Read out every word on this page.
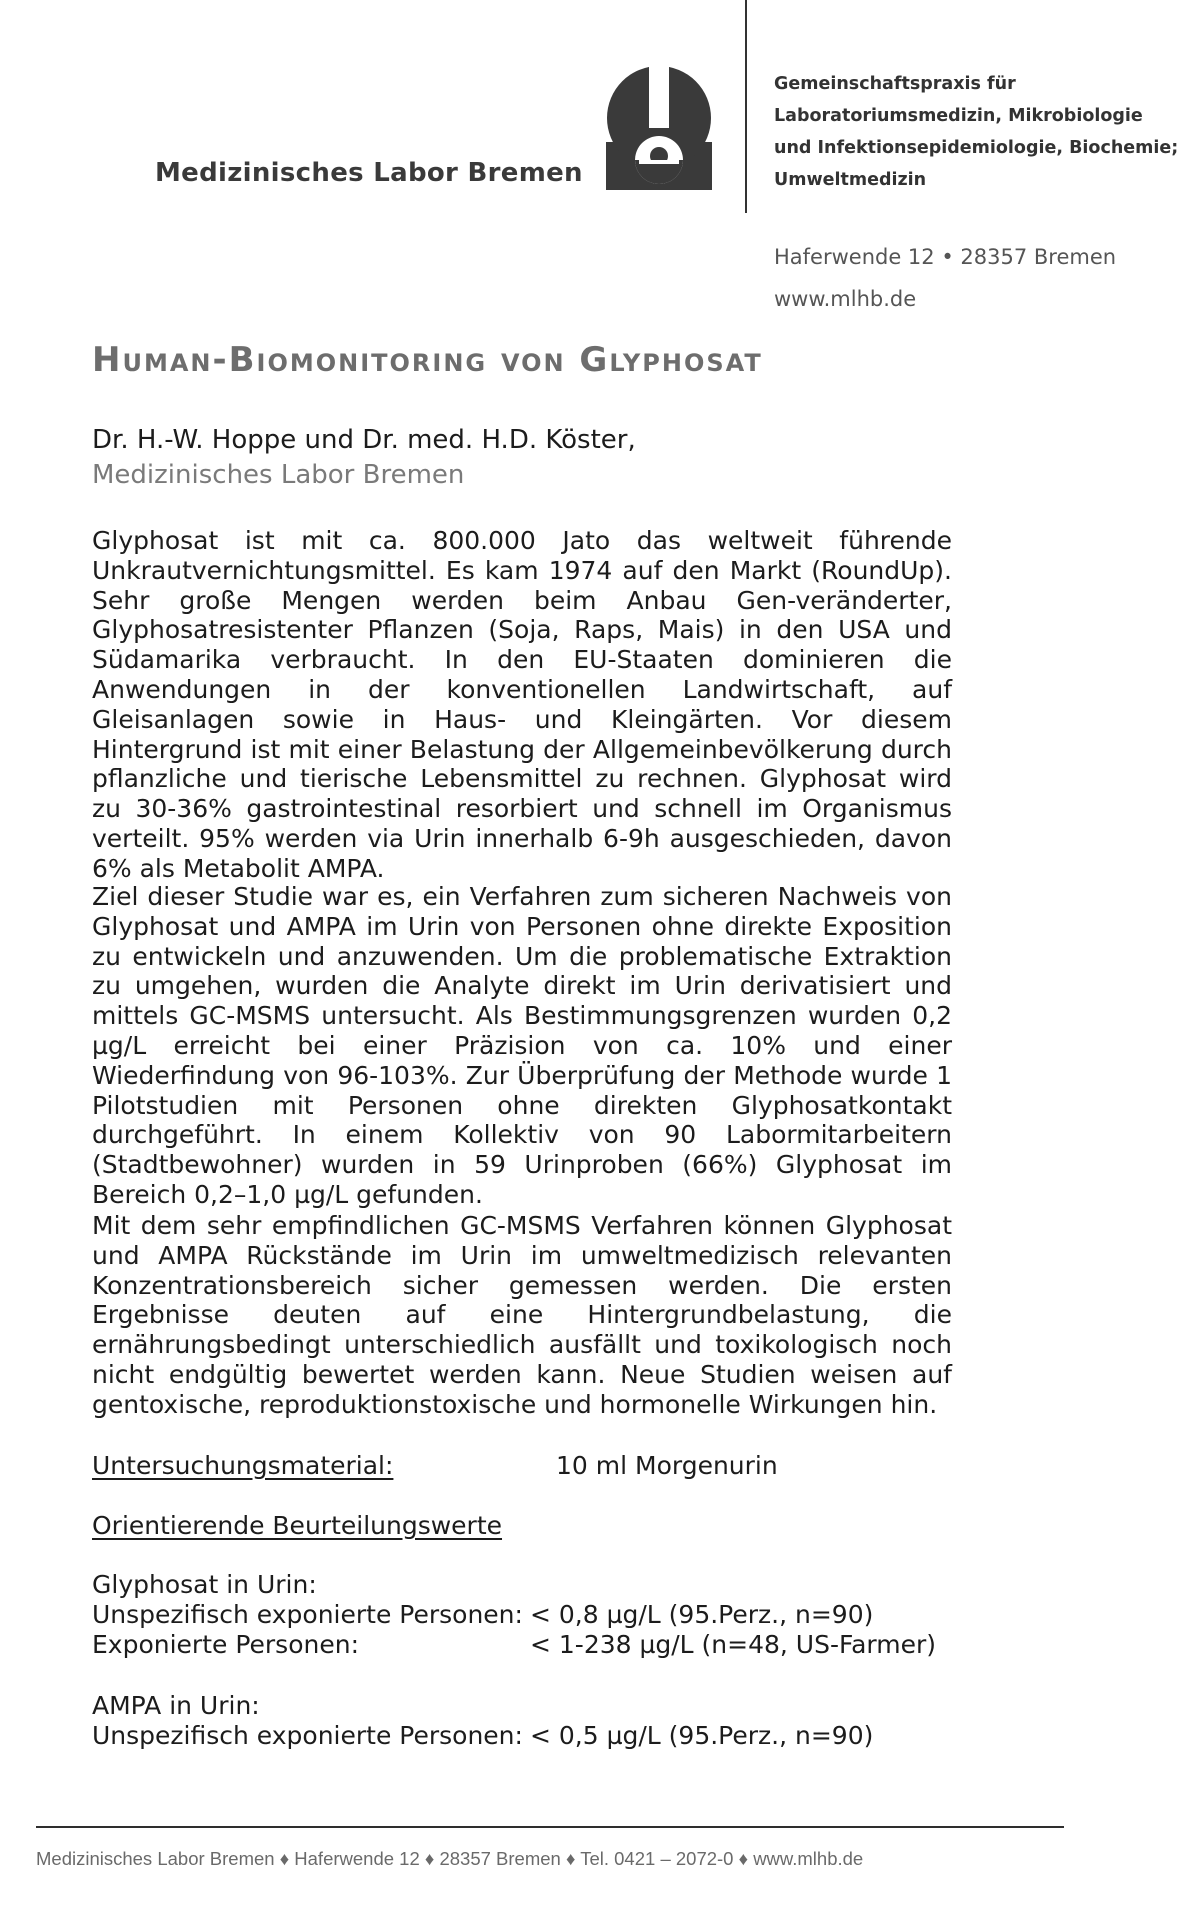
Medizinisches Labor Bremen
Gemeinschaftspraxis für
Laboratoriumsmedizin, Mikrobiologie
und Infektionsepidemiologie, Biochemie;
Umweltmedizin
Haferwende 12 • 28357 Bremen
www.mlhb.de
Human-Biomonitoring von Glyphosat
Dr. H.-W. Hoppe und Dr. med. H.D. Köster,
Medizinisches Labor Bremen
Glyphosat ist mit ca. 800.000 Jato das weltweit führende Unkrautvernichtungsmittel. Es kam 1974 auf den Markt (RoundUp). Sehr große Mengen werden beim Anbau Gen-veränderter, Glyphosatresistenter Pflanzen (Soja, Raps, Mais) in den USA und Südamarika verbraucht. In den EU-Staaten dominieren die Anwendungen in der konventionellen Landwirtschaft, auf Gleisanlagen sowie in Haus- und Kleingärten. Vor diesem Hintergrund ist mit einer Belastung der Allgemeinbevölkerung durch pflanzliche und tierische Lebensmittel zu rechnen. Glyphosat wird zu 30-36% gastrointestinal resorbiert und schnell im Organismus verteilt. 95% werden via Urin innerhalb 6-9h ausgeschieden, davon 6% als Metabolit AMPA.
Ziel dieser Studie war es, ein Verfahren zum sicheren Nachweis von Glyphosat und AMPA im Urin von Personen ohne direkte Exposition zu entwickeln und anzuwenden. Um die problematische Extraktion zu umgehen, wurden die Analyte direkt im Urin derivatisiert und mittels GC-MSMS untersucht. Als Bestimmungsgrenzen wurden 0,2 µg/L erreicht bei einer Präzision von ca. 10% und einer Wiederfindung von 96-103%. Zur Überprüfung der Methode wurde 1 Pilotstudien mit Personen ohne direkten Glyphosatkontakt durchgeführt. In einem Kollektiv von 90 Labormitarbeitern (Stadtbewohner) wurden in 59 Urinproben (66%) Glyphosat im Bereich 0,2–1,0 µg/L gefunden.
Mit dem sehr empfindlichen GC-MSMS Verfahren können Glyphosat und AMPA Rückstände im Urin im umweltmedizisch relevanten Konzentrationsbereich sicher gemessen werden. Die ersten Ergebnisse deuten auf eine Hintergrundbelastung, die ernährungsbedingt unterschiedlich ausfällt und toxikologisch noch nicht endgültig bewertet werden kann. Neue Studien weisen auf gentoxische, reproduktionstoxische und hormonelle Wirkungen hin.
Untersuchungsmaterial:	10 ml Morgenurin
Orientierende Beurteilungswerte
Glyphosat in Urin:
Unspezifisch exponierte Personen: < 0,8 µg/L (95.Perz., n=90)
Exponierte Personen:	< 1-238 µg/L (n=48, US-Farmer)
AMPA in Urin:
Unspezifisch exponierte Personen: < 0,5 µg/L (95.Perz., n=90)
Medizinisches Labor Bremen ♦ Haferwende 12 ♦ 28357 Bremen ♦ Tel. 0421 – 2072-0 ♦ www.mlhb.de
